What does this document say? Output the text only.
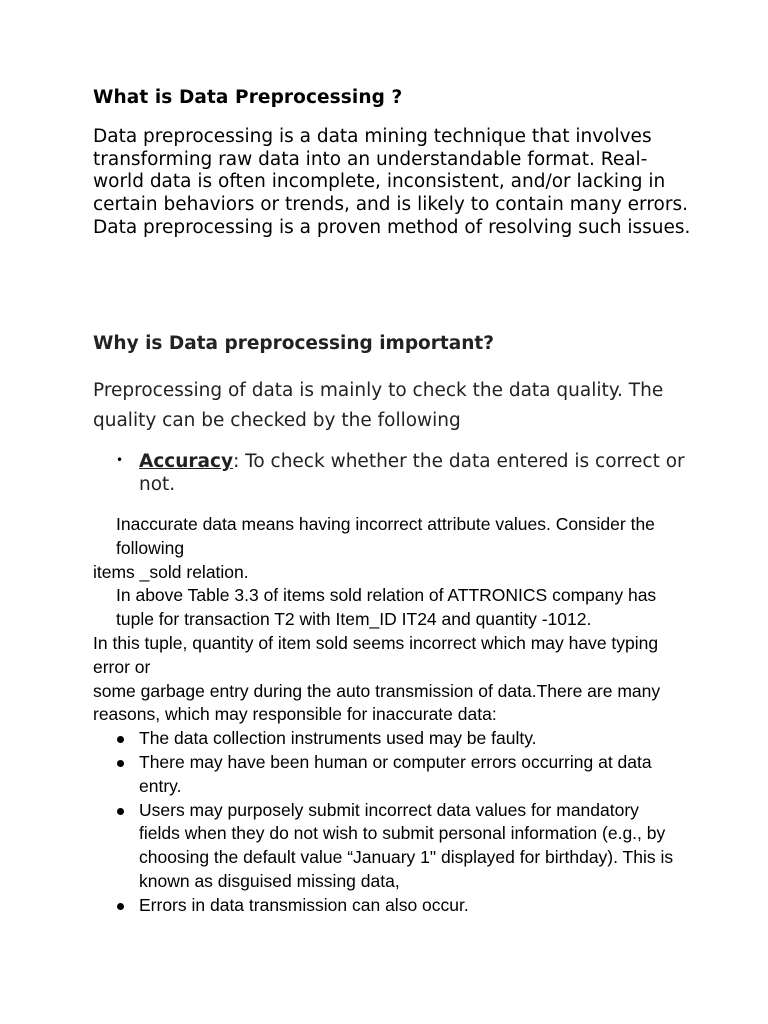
What is Data Preprocessing ?

Data preprocessing is a data mining technique that involves transforming raw data into an understandable format. Real-world data is often incomplete, inconsistent, and/or lacking in certain behaviors or trends, and is likely to contain many errors. Data preprocessing is a proven method of resolving such issues.

Why is Data preprocessing important?

Preprocessing of data is mainly to check the data quality. The quality can be checked by the following

• Accuracy: To check whether the data entered is correct or not.

Inaccurate data means having incorrect attribute values. Consider the following

items _sold relation.

In above Table 3.3 of items sold relation of ATTRONICS company has tuple for transaction T2 with Item_ID IT24 and quantity -1012.

In this tuple, quantity of item sold seems incorrect which may have typing error or

some garbage entry during the auto transmission of data.There are many reasons, which may responsible for inaccurate data:

The data collection instruments used may be faulty.
There may have been human or computer errors occurring at data entry.
Users may purposely submit incorrect data values for mandatory fields when they do not wish to submit personal information (e.g., by choosing the default value “January 1" displayed for birthday). This is known as disguised missing data,
Errors in data transmission can also occur.
